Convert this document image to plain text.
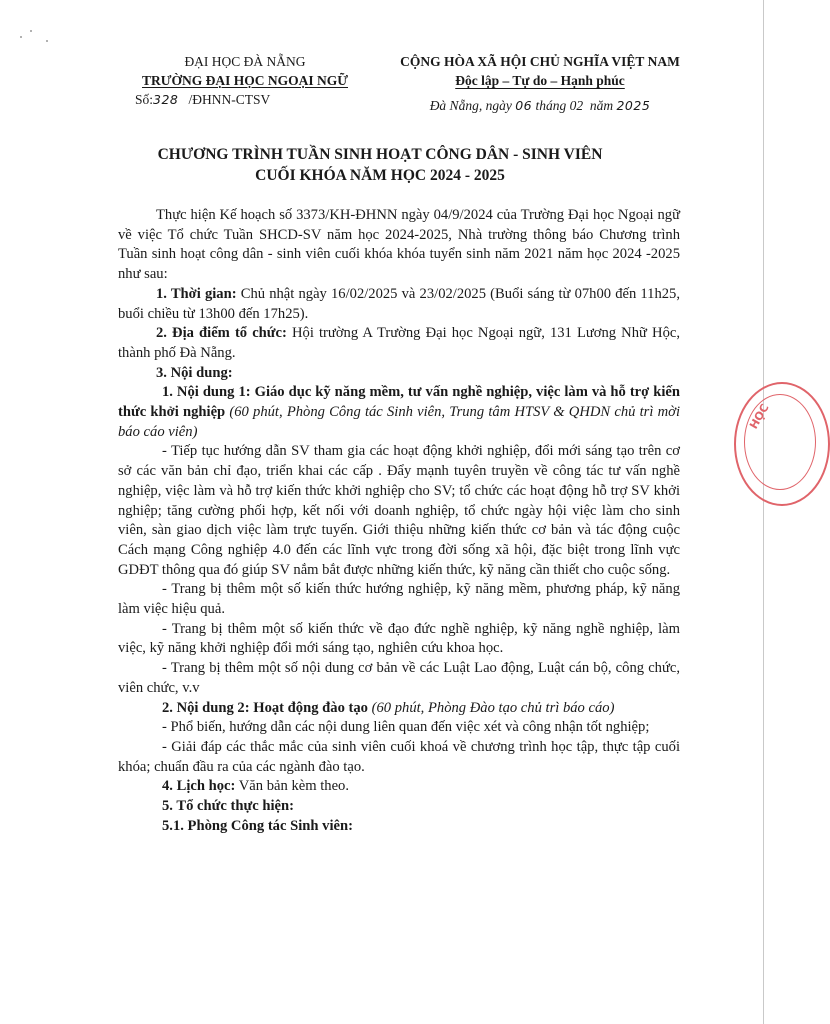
ĐẠI HỌC ĐÀ NẴNG
TRƯỜNG ĐẠI HỌC NGOẠI NGỮ
Số:328 /ĐHNN-CTSV
CỘNG HÒA XÃ HỘI CHỦ NGHĨA VIỆT NAM
Độc lập – Tự do – Hạnh phúc
Đà Nẵng, ngày 06 tháng 02 năm 2025
CHƯƠNG TRÌNH TUẦN SINH HOẠT CÔNG DÂN - SINH VIÊN
CUỐI KHÓA NĂM HỌC 2024 - 2025

Thực hiện Kế hoạch số 3373/KH-ĐHNN ngày 04/9/2024 của Trường Đại học Ngoại ngữ về việc Tổ chức Tuần SHCD-SV năm học 2024-2025, Nhà trường thông báo Chương trình Tuần sinh hoạt công dân - sinh viên cuối khóa khóa tuyển sinh năm 2021 năm học 2024 -2025 như sau:

1. Thời gian: Chủ nhật ngày 16/02/2025 và 23/02/2025 (Buổi sáng từ 07h00 đến 11h25, buổi chiều từ 13h00 đến 17h25).

2. Địa điểm tổ chức: Hội trường A Trường Đại học Ngoại ngữ, 131 Lương Nhữ Hộc, thành phố Đà Nẵng.

3. Nội dung:

1. Nội dung 1: Giáo dục kỹ năng mềm, tư vấn nghề nghiệp, việc làm và hỗ trợ kiến thức khởi nghiệp (60 phút, Phòng Công tác Sinh viên, Trung tâm HTSV & QHDN chủ trì mời báo cáo viên)

- Tiếp tục hướng dẫn SV tham gia các hoạt động khởi nghiệp, đổi mới sáng tạo trên cơ sở các văn bản chỉ đạo, triển khai các cấp . Đẩy mạnh tuyên truyền về công tác tư vấn nghề nghiệp, việc làm và hỗ trợ kiến thức khởi nghiệp cho SV; tổ chức các hoạt động hỗ trợ SV khởi nghiệp; tăng cường phối hợp, kết nối với doanh nghiệp, tổ chức ngày hội việc làm cho sinh viên, sàn giao dịch việc làm trực tuyến. Giới thiệu những kiến thức cơ bản và tác động cuộc Cách mạng Công nghiệp 4.0 đến các lĩnh vực trong đời sống xã hội, đặc biệt trong lĩnh vực GDĐT thông qua đó giúp SV nắm bắt được những kiến thức, kỹ năng cần thiết cho cuộc sống.

- Trang bị thêm một số kiến thức hướng nghiệp, kỹ năng mềm, phương pháp, kỹ năng làm việc hiệu quả.

- Trang bị thêm một số kiến thức về đạo đức nghề nghiệp, kỹ năng nghề nghiệp, làm việc, kỹ năng khởi nghiệp đổi mới sáng tạo, nghiên cứu khoa học.

- Trang bị thêm một số nội dung cơ bản về các Luật Lao động, Luật cán bộ, công chức, viên chức, v.v

2. Nội dung 2: Hoạt động đào tạo (60 phút, Phòng Đào tạo chủ trì báo cáo)

- Phổ biến, hướng dẫn các nội dung liên quan đến việc xét và công nhận tốt nghiệp;

- Giải đáp các thắc mắc của sinh viên cuối khoá về chương trình học tập, thực tập cuối khóa; chuẩn đầu ra của các ngành đào tạo.

4. Lịch học: Văn bản kèm theo.

5. Tổ chức thực hiện:

5.1. Phòng Công tác Sinh viên:

HỌC
